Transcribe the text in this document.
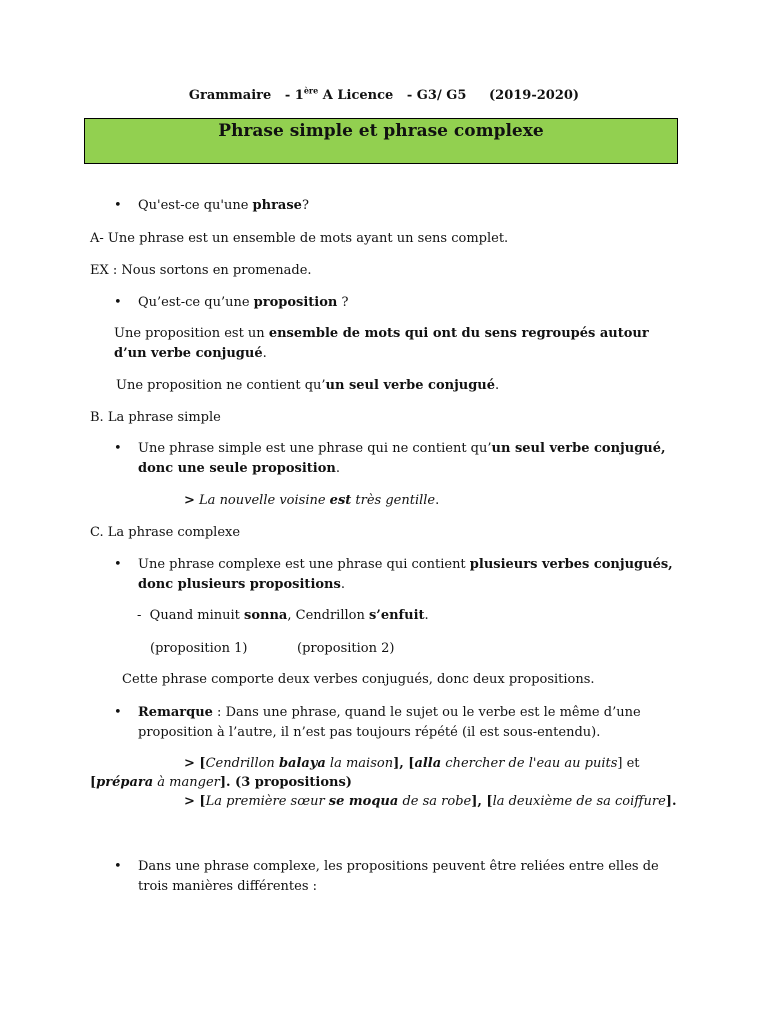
Grammaire - 1ère A Licence - G3/ G5 (2019-2020)
Phrase simple et phrase complexe
• Qu'est-ce qu'une phrase?
A- Une phrase est un ensemble de mots ayant un sens complet.
EX : Nous sortons en promenade.
• Qu’est-ce qu’une proposition ?
Une proposition est un ensemble de mots qui ont du sens regroupés autour d’un verbe conjugué.
Une proposition ne contient qu’un seul verbe conjugué.
B. La phrase simple
• Une phrase simple est une phrase qui ne contient qu’un seul verbe conjugué, donc une seule proposition.
> La nouvelle voisine est très gentille.
C. La phrase complexe
• Une phrase complexe est une phrase qui contient plusieurs verbes conjugués, donc plusieurs propositions.
- Quand minuit sonna, Cendrillon s’enfuit.
(proposition 1)	(proposition 2)
Cette phrase comporte deux verbes conjugués, donc deux propositions.
• Remarque : Dans une phrase, quand le sujet ou le verbe est le même d’une proposition à l’autre, il n’est pas toujours répété (il est sous-entendu).
> [Cendrillon balaya la maison], [alla chercher de l'eau au puits] et
[prépara à manger]. (3 propositions)
> [La première sœur se moqua de sa robe], [la deuxième de sa coiffure].
• Dans une phrase complexe, les propositions peuvent être reliées entre elles de trois manières différentes :
